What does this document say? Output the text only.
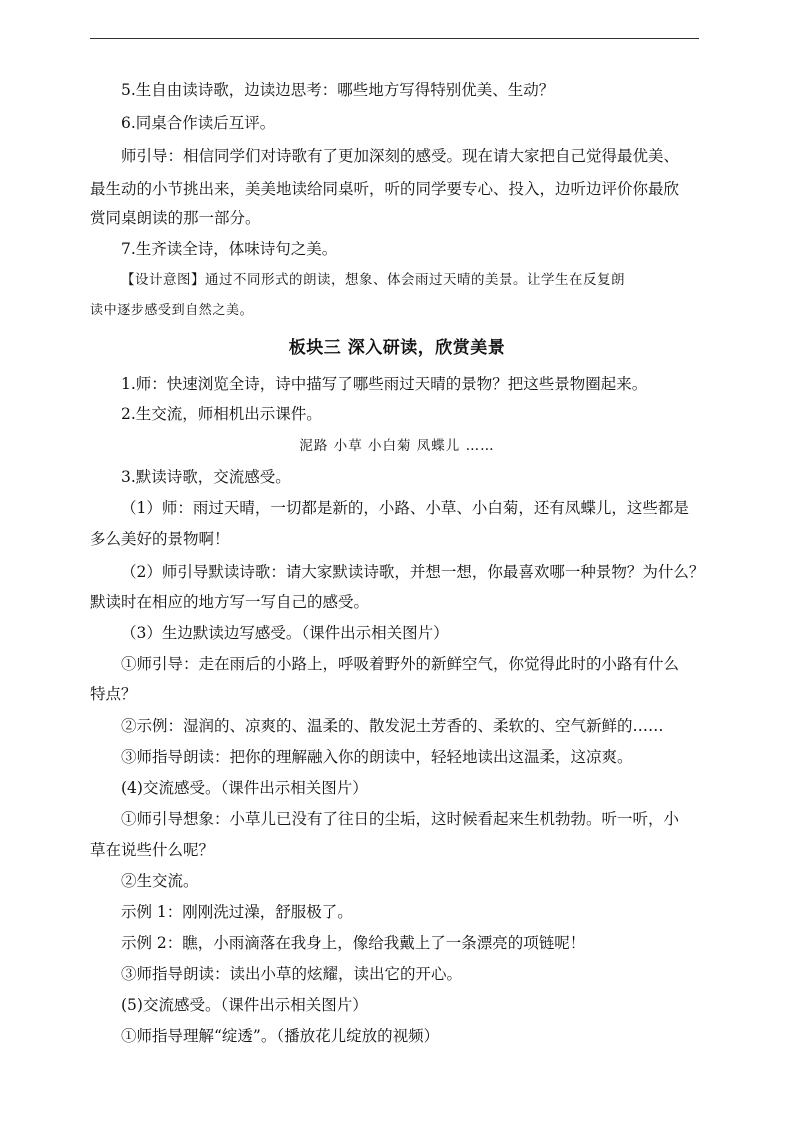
5.生自由读诗歌，边读边思考：哪些地方写得特别优美、生动？
6.同桌合作读后互评。
师引导：相信同学们对诗歌有了更加深刻的感受。现在请大家把自己觉得最优美、
最生动的小节挑出来，美美地读给同桌听，听的同学要专心、投入，边听边评价你最欣
赏同桌朗读的那一部分。
7.生齐读全诗，体味诗句之美。
【设计意图】通过不同形式的朗读，想象、体会雨过天晴的美景。让学生在反复朗
读中逐步感受到自然之美。
板块三 深入研读，欣赏美景
1.师：快速浏览全诗，诗中描写了哪些雨过天晴的景物？把这些景物圈起来。
2.生交流，师相机出示课件。
泥路 小草 小白菊 凤蝶儿 ……
3.默读诗歌，交流感受。
（1）师：雨过天晴，一切都是新的，小路、小草、小白菊，还有凤蝶儿，这些都是
多么美好的景物啊！
（2）师引导默读诗歌：请大家默读诗歌，并想一想，你最喜欢哪一种景物？为什么？
默读时在相应的地方写一写自己的感受。
（3）生边默读边写感受。（课件出示相关图片）
①师引导：走在雨后的小路上，呼吸着野外的新鲜空气，你觉得此时的小路有什么
特点？
②示例：湿润的、凉爽的、温柔的、散发泥土芳香的、柔软的、空气新鲜的……
③师指导朗读：把你的理解融入你的朗读中，轻轻地读出这温柔，这凉爽。
(4)交流感受。（课件出示相关图片）
①师引导想象：小草儿已没有了往日的尘垢，这时候看起来生机勃勃。听一听，小
草在说些什么呢？
②生交流。
示例 1：刚刚洗过澡，舒服极了。
示例 2：瞧，小雨滴落在我身上，像给我戴上了一条漂亮的项链呢！
③师指导朗读：读出小草的炫耀，读出它的开心。
(5)交流感受。（课件出示相关图片）
①师指导理解“绽透”。（播放花儿绽放的视频）
